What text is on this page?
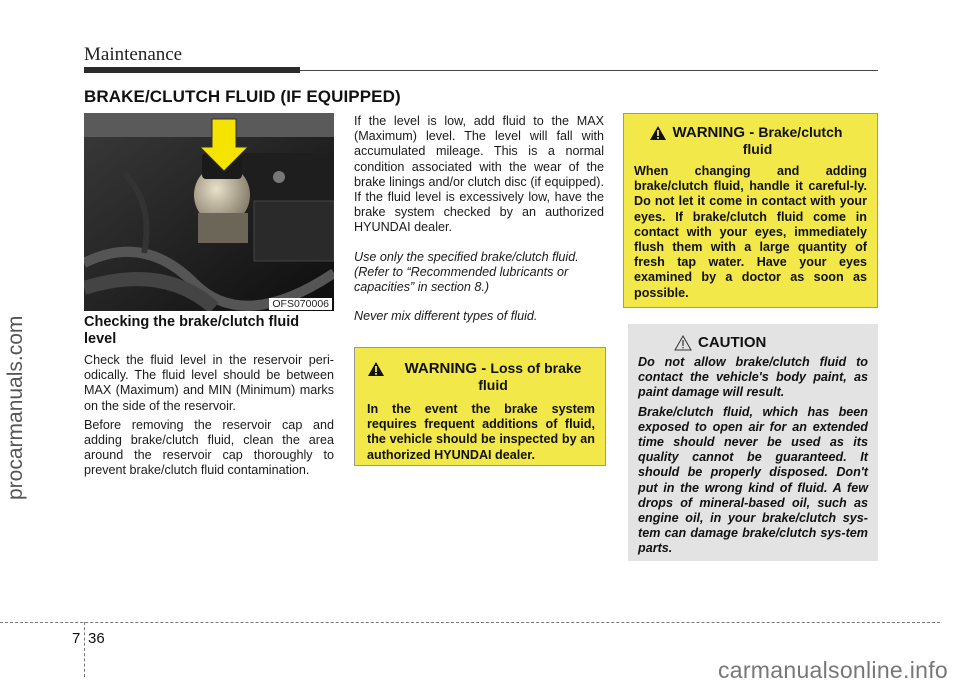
Maintenance
BRAKE/CLUTCH FLUID (IF EQUIPPED)
OFS070006
Checking the brake/clutch fluid level

Check the fluid level in the reservoir peri-odically. The fluid level should be between MAX (Maximum) and MIN (Minimum) marks on the side of the reservoir.

Before removing the reservoir cap and adding brake/clutch fluid, clean the area around the reservoir cap thoroughly to prevent brake/clutch fluid contamination.

If the level is low, add fluid to the MAX (Maximum) level. The level will fall with accumulated mileage. This is a normal condition associated with the wear of the brake linings and/or clutch disc (if equipped). If the fluid level is excessively low, have the brake system checked by an authorized HYUNDAI dealer.

Use only the specified brake/clutch fluid. (Refer to “Recommended lubricants or capacities” in section 8.)

Never mix different types of fluid.

WARNING - Loss of brake fluid
In the event the brake system requires frequent additions of fluid, the vehicle should be inspected by an authorized HYUNDAI dealer.
WARNING - Brake/clutch fluid
When changing and adding brake/clutch fluid, handle it careful-ly. Do not let it come in contact with your eyes. If brake/clutch fluid come in contact with your eyes, immediately flush them with a large quantity of fresh tap water. Have your eyes examined by a doctor as soon as possible.
CAUTION

Do not allow brake/clutch fluid to contact the vehicle's body paint, as paint damage will result.

Brake/clutch fluid, which has been exposed to open air for an extended time should never be used as its quality cannot be guaranteed. It should be properly disposed. Don't put in the wrong kind of fluid. A few drops of mineral-based oil, such as engine oil, in your brake/clutch sys-tem can damage brake/clutch sys-tem parts.

7 36
procarmanuals.com
carmanualsonline.info
